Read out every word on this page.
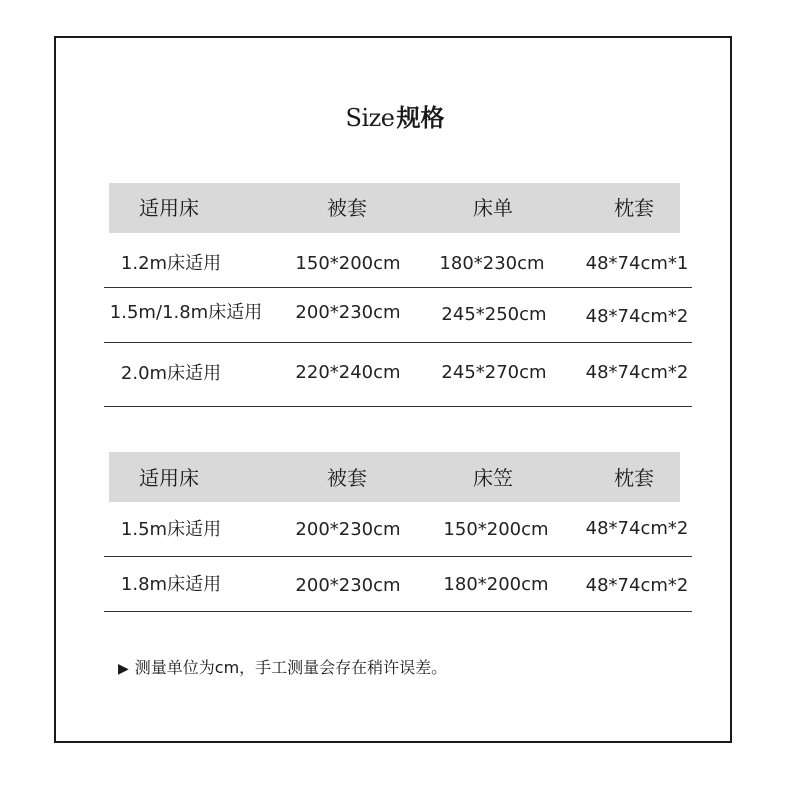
Size规格
适用床	被套	床单	枕套
1.2m床适用	150*200cm 180*230cm 48*74cm*1
1.5m/1.8m床适用 200*230cm 245*250cm 48*74cm*2
2.0m床适用	220*240cm 245*270cm 48*74cm*2
适用床	被套	床笠	枕套
1.5m床适用	200*230cm 150*200cm 48*74cm*2
1.8m床适用	200*230cm 180*200cm 48*74cm*2
▶ 测量单位为cm，手工测量会存在稍许误差。
